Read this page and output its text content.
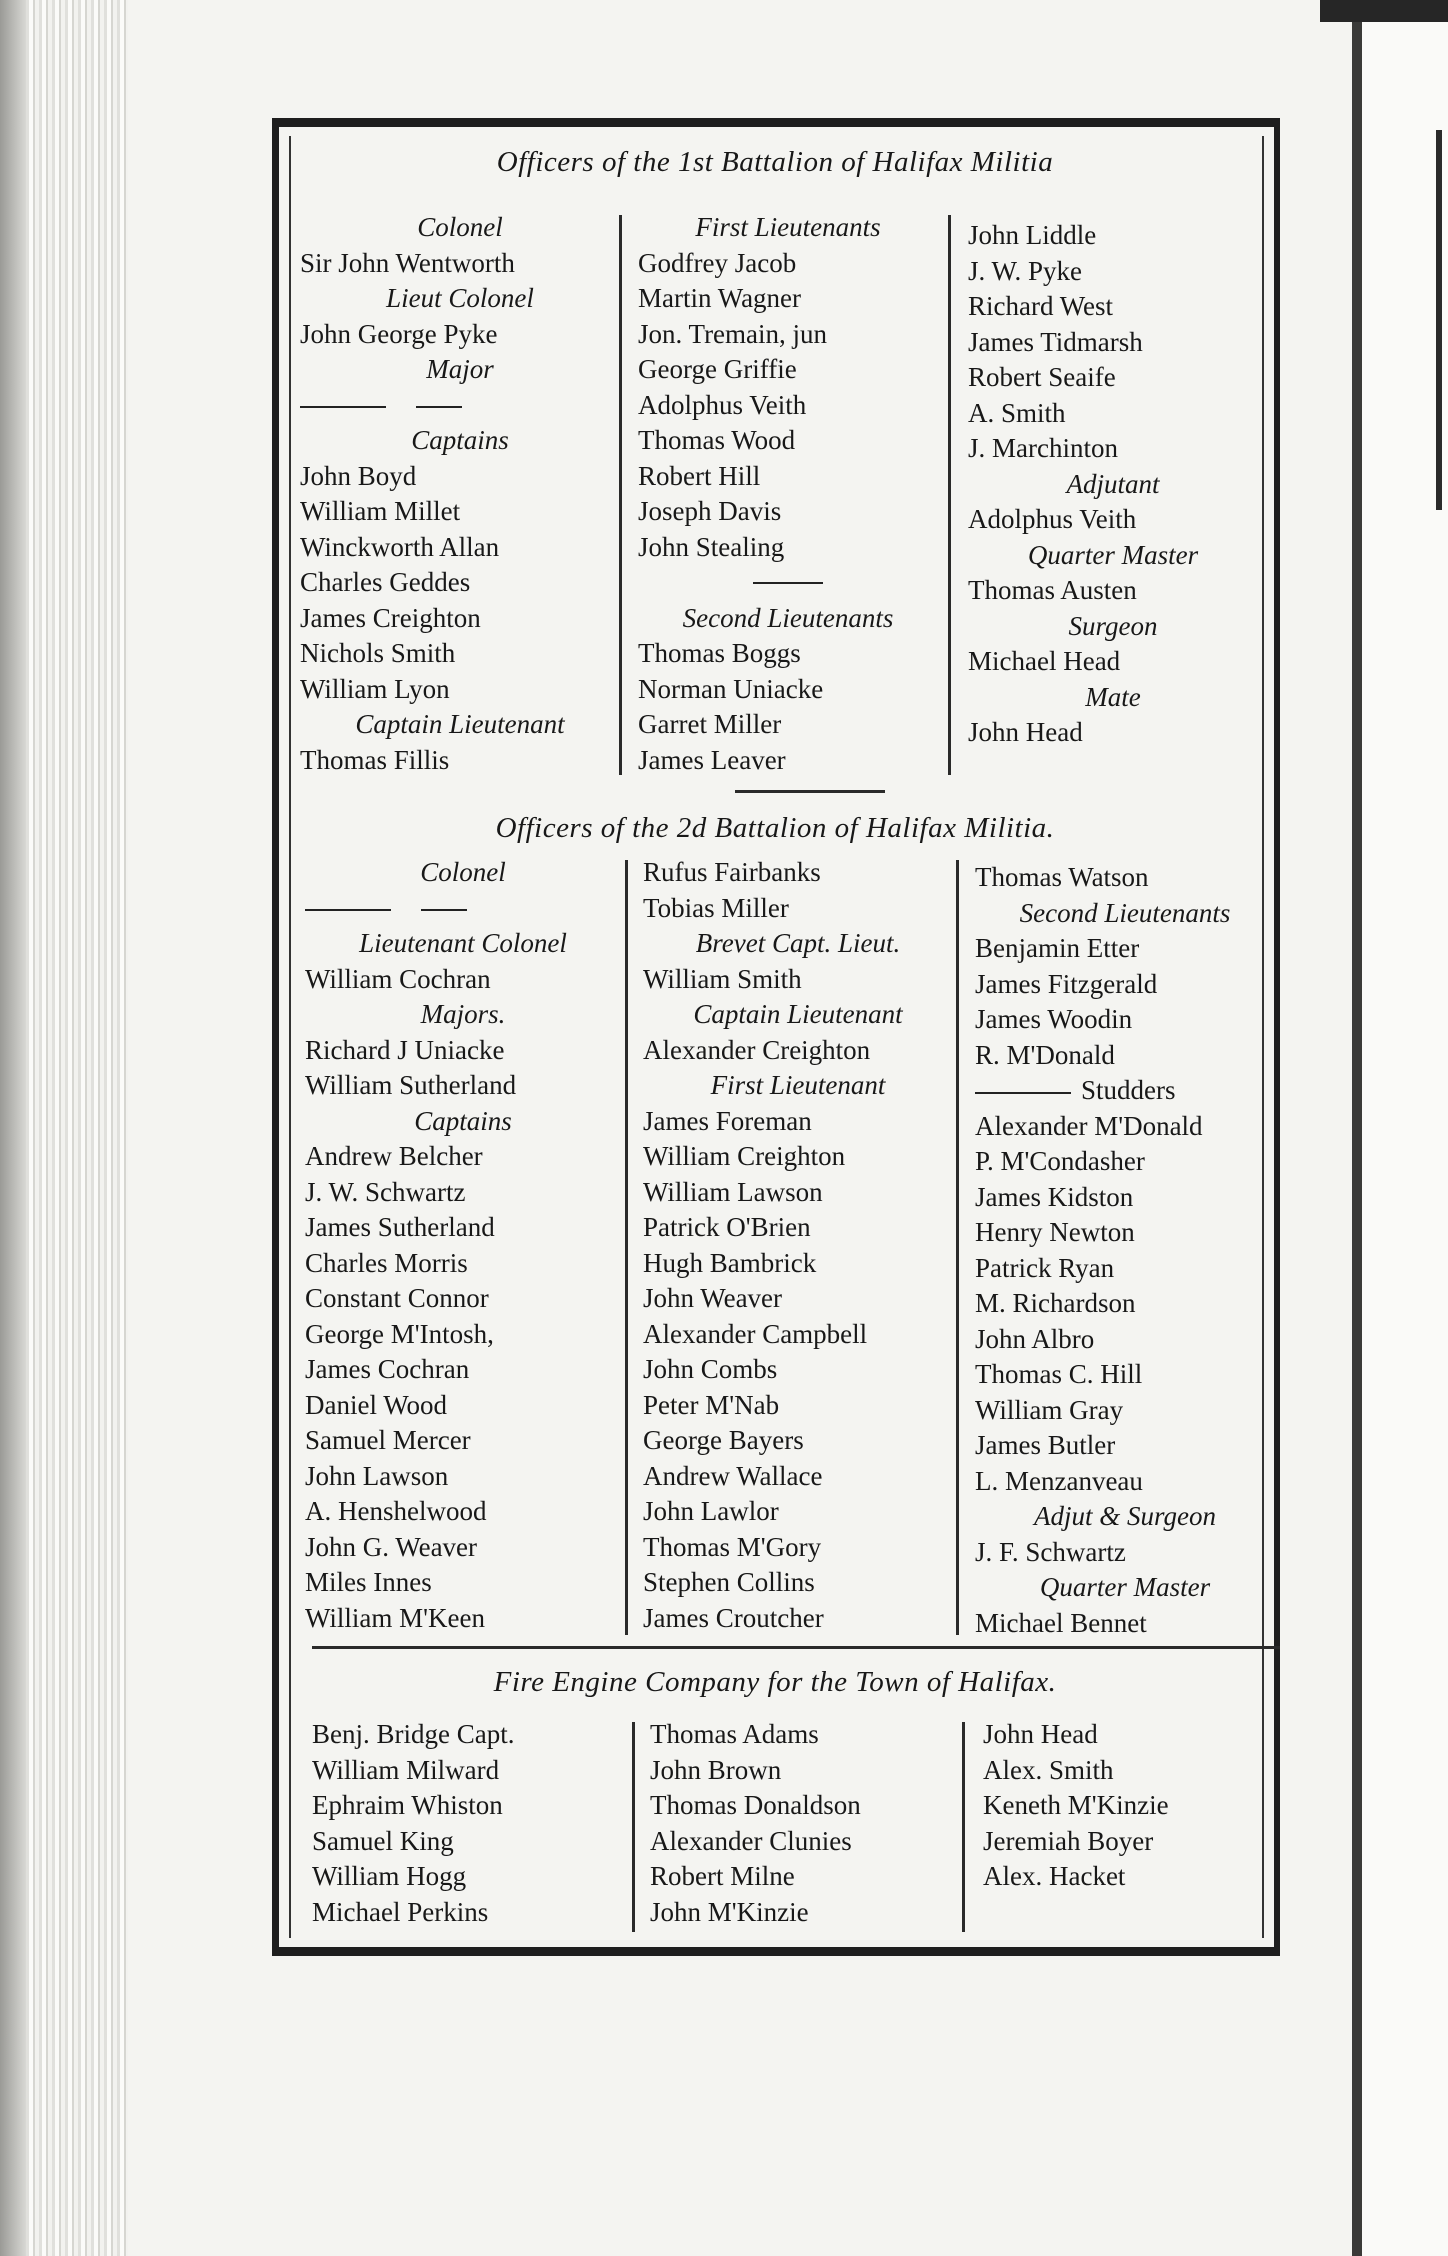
Officers of the 1st Battalion of Halifax Militia
Colonel
Sir John Wentworth
Lieut Colonel
John George Pyke
Major
Captains
John Boyd
William Millet
Winckworth Allan
Charles Geddes
James Creighton
Nichols Smith
William Lyon
Captain Lieutenant
Thomas Fillis
First Lieutenants
Godfrey Jacob
Martin Wagner
Jon. Tremain, jun
George Griffie
Adolphus Veith
Thomas Wood
Robert Hill
Joseph Davis
John Stealing
Second Lieutenants
Thomas Boggs
Norman Uniacke
Garret Miller
James Leaver
John Liddle
J. W. Pyke
Richard West
James Tidmarsh
Robert Seaife
A. Smith
J. Marchinton
Adjutant
Adolphus Veith
Quarter Master
Thomas Austen
Surgeon
Michael Head
Mate
John Head
Officers of the 2d Battalion of Halifax Militia.
Colonel
Lieutenant Colonel
William Cochran
Majors.
Richard J Uniacke
William Sutherland
Captains
Andrew Belcher
J. W. Schwartz
James Sutherland
Charles Morris
Constant Connor
George M'Intosh,
James Cochran
Daniel Wood
Samuel Mercer
John Lawson
A. Henshelwood
John G. Weaver
Miles Innes
William M'Keen
Rufus Fairbanks
Tobias Miller
Brevet Capt. Lieut.
William Smith
Captain Lieutenant
Alexander Creighton
First Lieutenant
James Foreman
William Creighton
William Lawson
Patrick O'Brien
Hugh Bambrick
John Weaver
Alexander Campbell
John Combs
Peter M'Nab
George Bayers
Andrew Wallace
John Lawlor
Thomas M'Gory
Stephen Collins
James Croutcher
Thomas Watson
Second Lieutenants
Benjamin Etter
James Fitzgerald
James Woodin
R. M'Donald
Studders
Alexander M'Donald
P. M'Condasher
James Kidston
Henry Newton
Patrick Ryan
M. Richardson
John Albro
Thomas C. Hill
William Gray
James Butler
L. Menzanveau
Adjut & Surgeon
J. F. Schwartz
Quarter Master
Michael Bennet
Fire Engine Company for the Town of Halifax.
Benj. Bridge Capt.
William Milward
Ephraim Whiston
Samuel King
William Hogg
Michael Perkins
Thomas Adams
John Brown
Thomas Donaldson
Alexander Clunies
Robert Milne
John M'Kinzie
John Head
Alex. Smith
Keneth M'Kinzie
Jeremiah Boyer
Alex. Hacket
